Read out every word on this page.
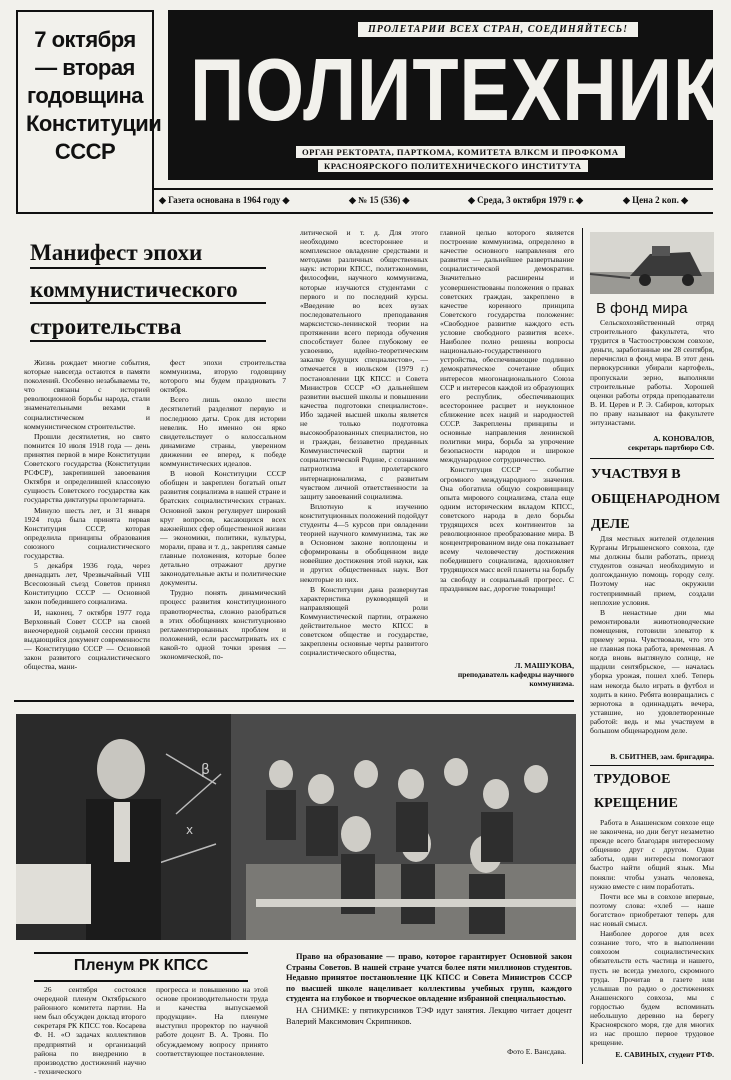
7 октября— вторая годовщина Конституции СССР
ПРОЛЕТАРИИ ВСЕХ СТРАН, СОЕДИНЯЙТЕСЬ!
ПОЛИТЕХНИК
ОРГАН РЕКТОРАТА, ПАРТКОМА, КОМИТЕТА ВЛКСМ И ПРОФКОМА
КРАСНОЯРСКОГО ПОЛИТЕХНИЧЕСКОГО ИНСТИТУТА
◆ Газета основана в 1964 году ◆	◆ № 15 (536) ◆	◆ Среда, 3 октября 1979 г. ◆	◆ Цена 2 коп. ◆
Манифест эпохи коммунистического строительства

Жизнь рождает многие события, которые навсегда остаются в памяти поколений. Особенно незабываемы те, что связаны с историей революционной борьбы народа, стали знаменательными вехами в социалистическом и коммунистическом строительстве.

Прошли десятилетия, но свято помнится 10 июля 1918 года — день принятия первой в мире Конституции Советского государства (Конституции РСФСР), закрепившей завоевания Октября и определившей классовую сущность Советского государства как государства диктатуры пролетариата.

Минуло шесть лет, и 31 января 1924 года была принята первая Конституция СССР, которая определила принципы образования союзного социалистического государства.

5 декабря 1936 года, через двенадцать лет, Чрезвычайный VIII Всесоюзный съезд Советов принял Конституцию СССР — Основной закон победившего социализма.

И, наконец, 7 октября 1977 года Верховный Совет СССР на своей внеочередной седьмой сессии принял выдающийся документ современности — Конституцию СССР — Основной закон развитого социалистического общества, мани-

фест эпохи строительства коммунизма, вторую годовщину которого мы будем праздновать 7 октября.

Всего лишь около шести десятилетий разделяют первую и последнюю даты. Срок для истории невелик. Но именно он ярко свидетельствует о колоссальном динамизме страны, уверенном движении ее вперед, к победе коммунистических идеалов.

В новой Конституции СССР обобщен и закреплен богатый опыт развития социализма в нашей стране и братских социалистических странах. Основной закон регулирует широкий круг вопросов, касающихся всех важнейших сфер общественной жизни — экономики, политики, культуры, морали, права и т. д., закрепляя самые главные положения, которые более детально отражают другие законодательные акты и политические документы.

Трудно понять динамический процесс развития конституционного правотворчества, сложно разобраться в этих обобщениях конституционно регламентированных проблем и положений, если рассматривать их с какой-то одной точки зрения — экономической, по-

литической и т. д. Для этого необходимо всестороннее и комплексное овладение средствами и методами различных общественных наук: истории КПСС, политэкономии, философии, научного коммунизма, которые изучаются студентами с первого и по последний курсы. «Введение во всех вузах последовательного преподавания марксистско-ленинской теории на протяжении всего периода обучения способствует более глубокому ее усвоению, идейно-теоретическим закалке будущих специалистов», — отмечается в июльском (1979 г.) постановлении ЦК КПСС и Совета Министров СССР «О дальнейшем развитии высшей школы и повышении качества подготовки специалистов». Ибо задачей высшей школы является не только подготовка высокообразованных специалистов, но и граждан, беззаветно преданных Коммунистической партии и социалистической Родине, с сознанием патриотизма и пролетарского интернационализма, с развитым чувством личной ответственности за защиту завоеваний социализма.

Вплотную к изучению конституционных положений подойдут студенты 4—5 курсов при овладении теорией научного коммунизма, так же в Основном законе воплощены и сформированы в обобщенном виде новейшие достижения этой науки, как и других общественных наук. Вот некоторые из них.

В Конституции дана развернутая характеристика руководящей и направляющей роли Коммунистической партии, отражено действительное место КПСС в советском обществе и государстве, закреплены основные черты развитого социалистического общества,

главной целью которого является построение коммунизма, определено в качестве основного направления его развития — дальнейшее развертывание социалистической демократии. Значительно расширены и усовершенствованы положения о правах советских граждан, закреплено в качестве коренного принципа Советского государства положение: «Свободное развитие каждого есть условие свободного развития всех». Наиболее полно решены вопросы национально-государственного устройства, обеспечивающие подлинно демократическое сочетание общих интересов многонационального Союза ССР и интересов каждой из образующих его республик, обеспечивающих всестороннее расцвет и неуклонное сближение всех наций и народностей СССР. Закреплены принципы и основные направления ленинской политики мира, борьба за упрочение безопасности народов и широкое международное сотрудничество.

Конституция СССР — событие огромного международного значения. Она обогатила общую сокровищницу опыта мирового социализма, стала еще одним историческим вкладом КПСС, советского народа в дело борьбы трудящихся всех континентов за революционное преобразование мира. В концентрированном виде она показывает всему человечеству достижения победившего социализма, вдохновляет трудящихся масс всей планеты на борьбу за свободу и социальный прогресс. С праздником вас, дорогие товарищи!

Л. МАШУКОВА,
преподаватель кафедры научного коммунизма.
В фонд мира

Сельскохозяйственный отряд строительного факультета, что трудится в Частоостровском совхозе, деньги, заработанные им 28 сентября, перечислил в фонд мира. В этот день первокурсники убирали картофель, пропускали зерно, выполняли строительные работы. Хорошей оценки работы отряда преподаватели В. И. Церев и Р. Э. Сабиров, которых по праву называют на факультете энтузиастами.

А. КОНОВАЛОВ,
секретарь партбюро СФ.
УЧАСТВУЯ В ОБЩЕНАРОДНОМ ДЕЛЕ

Для местных жителей отделения Курганы Игрышенского совхоза, где мы должны были работать, приезд студентов означал необходимую и долгожданную помощь городу селу. Поэтому нас окружили гостеприимный прием, создали неплохие условия.

В ненастные дни мы ремонтировали животноводческие помещения, готовили элеватор к приему зерна. Чувствовали, что это не главная пока работа, временная. А когда вновь выглянуло солнце, не щадили сентябрьское, — началась уборка урожая, пошел хлеб. Теперь нам некогда было играть в футбол и ходить в кино. Ребята возвращались с зернотока в одиннадцать вечера, уставшие, но удовлетворенные работой: ведь и мы участвуем в большом общенародном деле.

В. СБИТНЕВ, зам. бригадира.
ТРУДОВОЕ КРЕЩЕНИЕ

Работа в Анашенском совхозе еще не закончена, но дни бегут незаметно прежде всего благодаря интересному общению друг с другом. Одни заботы, одни интересы помогают быстро найти общий язык. Мы поняли: чтобы узнать человека, нужно вместе с ним поработать.

Почти все мы в совхозе впервые, поэтому слова: «хлеб — наше богатство» приобретают теперь для нас новый смысл.

Наиболее дорогое для всех сознание того, что в выполнении совхозом социалистических обязательств есть частица и нашего, пусть не всегда умелого, скромного труда. Прочитав в газете или услышав по радио о достижениях Анашенского совхоза, мы с гордостью будем вспоминать небольшую деревню на берегу Красноярского моря, где для многих из нас прошло первое трудовое крещение.

Е. САВИНЫХ, студент РТФ.
β
x
Пленум РК КПСС

26 сентября состоялся очередной пленум Октябрьского районного комитета партии. На нем был обсужден доклад второго секретаря РК КПСС тов. Косарева Ф. Н. «О задачах коллективов предприятий и организаций района по внедрению в производство достижений научно - технического

прогресса и повышению на этой основе производительности труда и качества выпускаемой продукции». На пленуме выступил проректор по научной работе доцент В. А. Троян. По обсуждаемому вопросу принято соответствующее постановление.

Право на образование — право, которое гарантирует Основной закон Страны Советов. В нашей стране учатся более пяти миллионов студентов. Недавно принятое постановление ЦК КПСС и Совета Министров СССР по высшей школе нацеливает коллективы учебных групп, каждого студента на глубокое и творческое овладение избранной специальностью.

НА СНИМКЕ: у пятикурсников ТЭФ идут занятия. Лекцию читает доцент Валерий Максимович Скрипников.

Фото Е. Вансдава.
